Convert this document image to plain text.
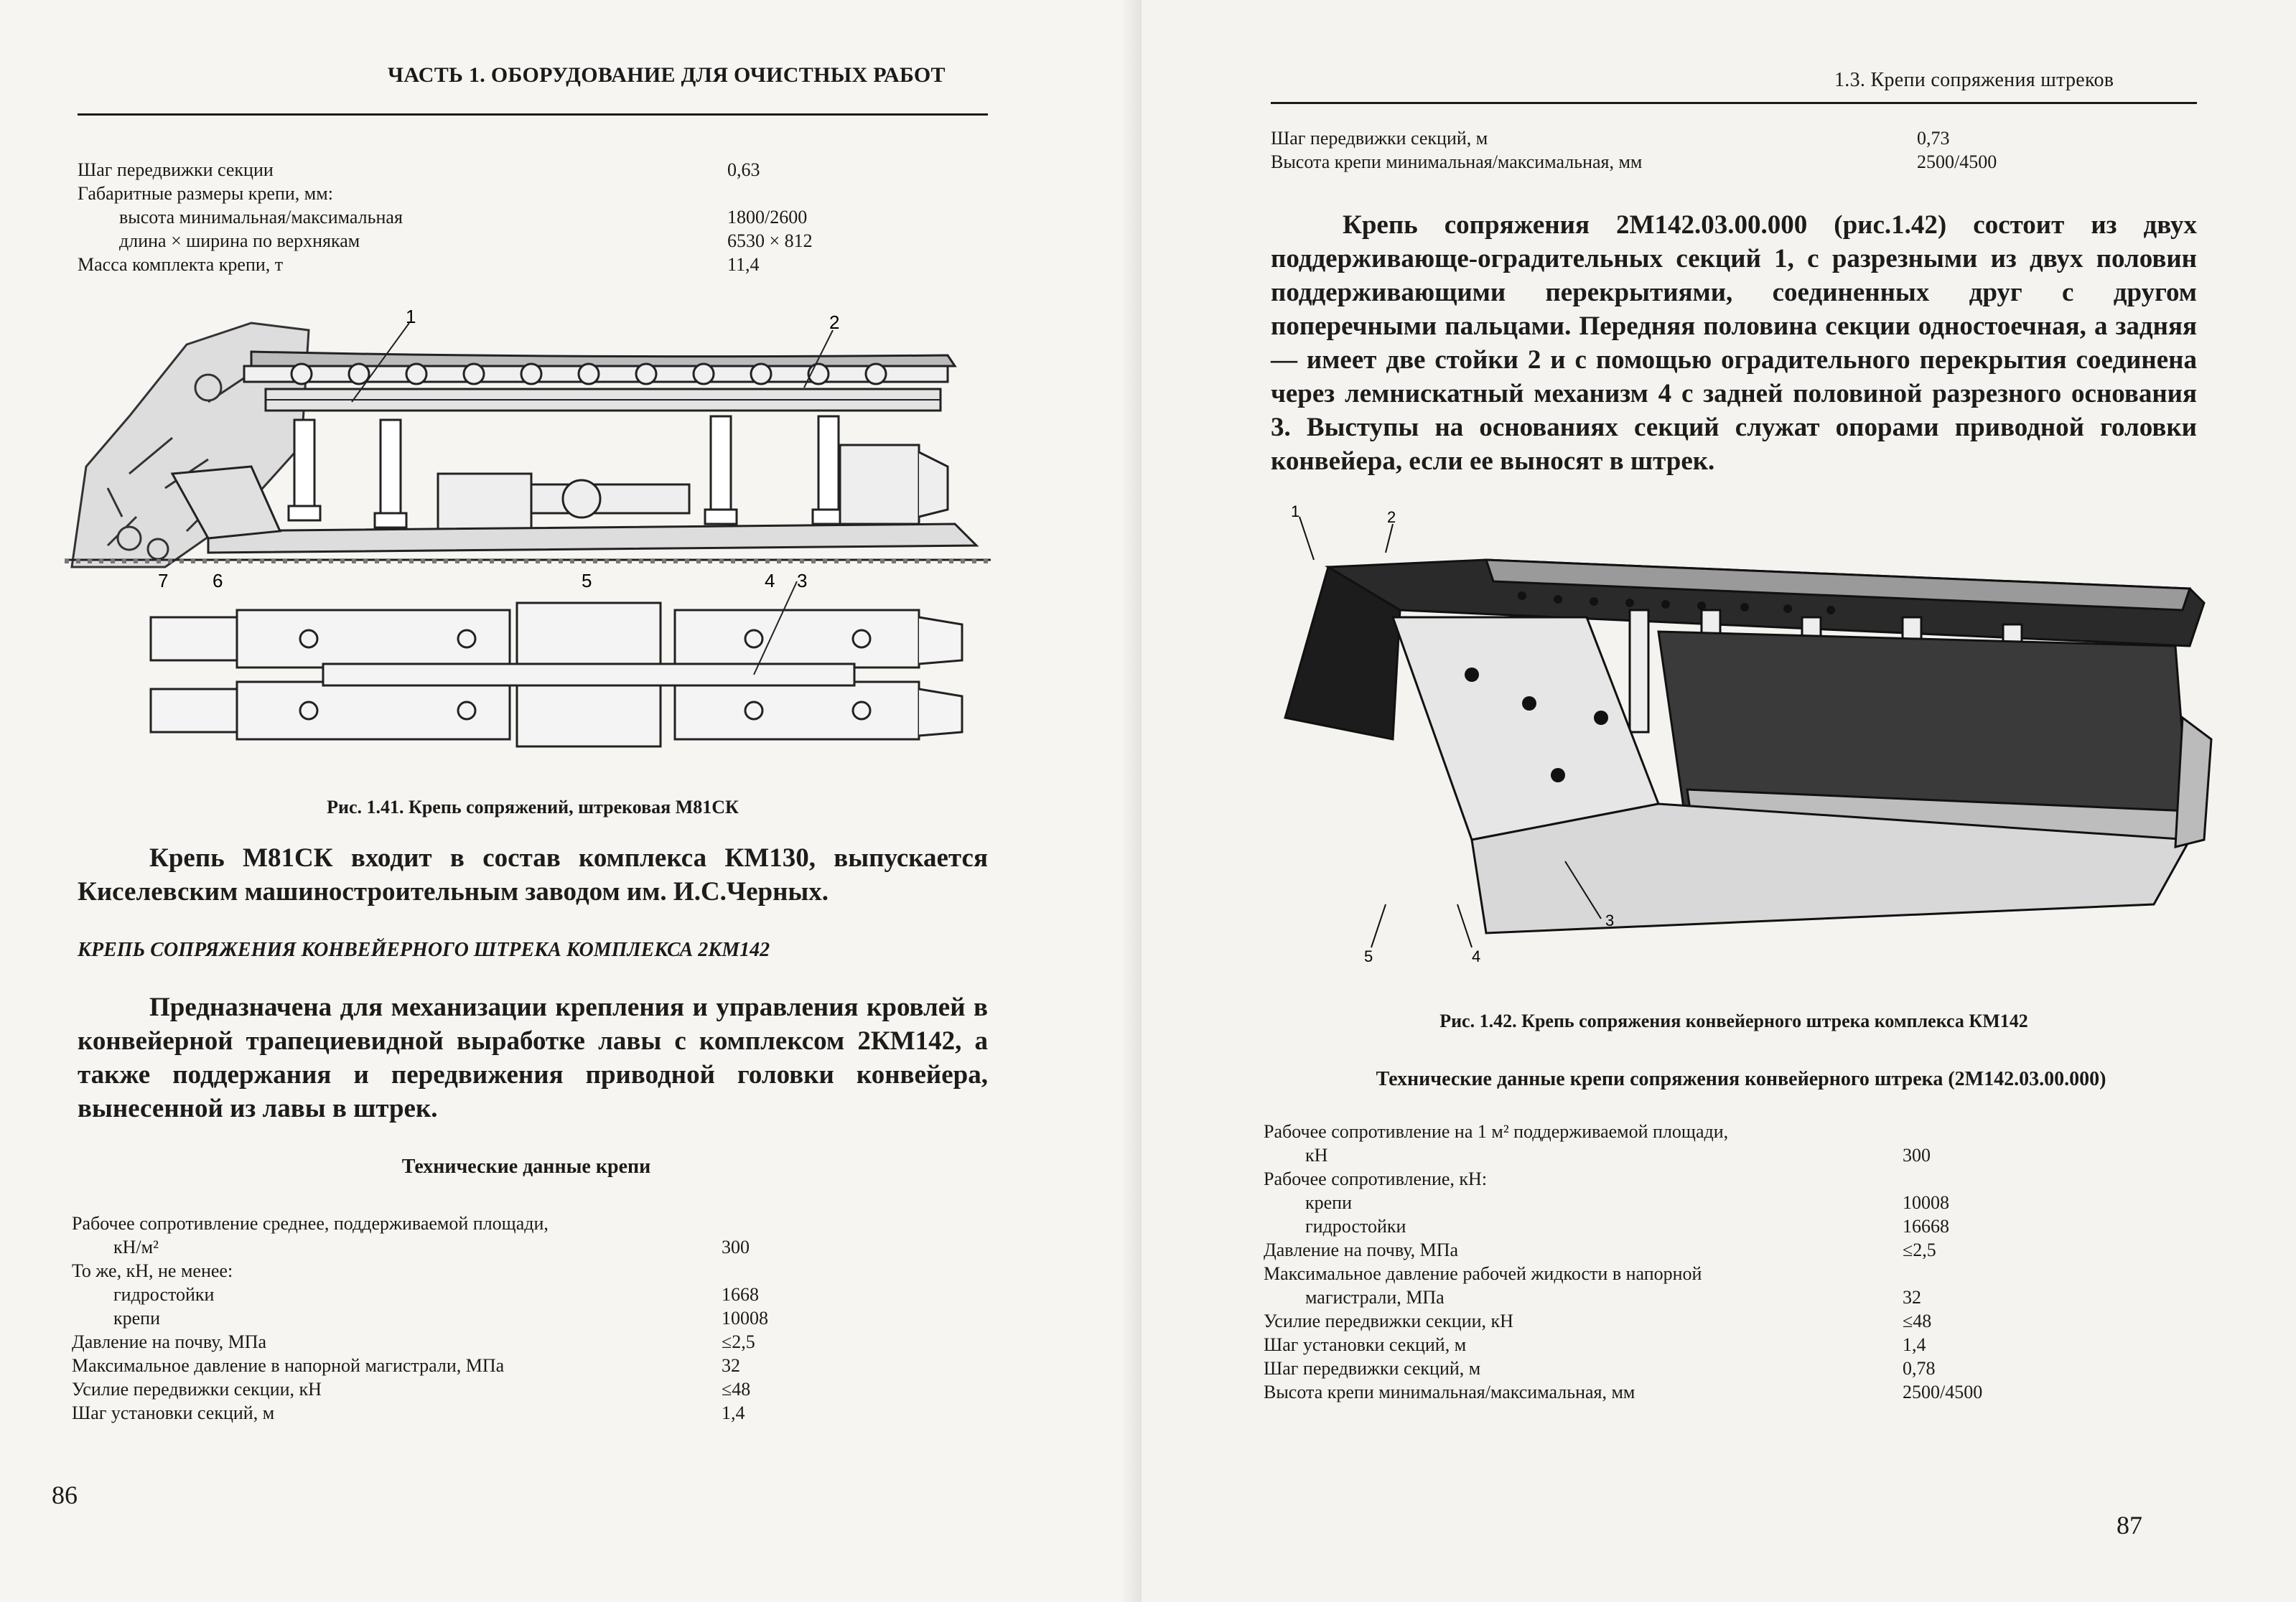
ЧАСТЬ 1. ОБОРУДОВАНИЕ ДЛЯ ОЧИСТНЫХ РАБОТ
Шаг передвижки секции	0,63
Габаритные размеры крепи, мм:
высота минимальная/максимальная	1800/2600
длина × ширина по верхнякам	6530 × 812
Масса комплекта крепи, т	11,4
1	2
7 6	5	4 3
Рис. 1.41. Крепь сопряжений, штрековая М81СК

Крепь М81СК входит в состав комплекса КМ130, выпускается Киселевским машиностроительным заводом им. И.С.Черных.

КРЕПЬ СОПРЯЖЕНИЯ КОНВЕЙЕРНОГО ШТРЕКА КОМПЛЕКСА 2КМ142

Предназначена для механизации крепления и управления кровлей в конвейерной трапециевидной выработке лавы с комплексом 2КМ142, а также поддержания и передвижения приводной головки конвейера, вынесенной из лавы в штрек.

Технические данные крепи
Рабочее сопротивление среднее, поддерживаемой площади,
кН/м²	300
То же, кН, не менее:
гидростойки	1668
крепи	10008
Давление на почву, МПа	≤2,5
Максимальное давление в напорной магистрали, МПа	32
Усилие передвижки секции, кН	≤48
Шаг установки секций, м	1,4
86
1.3. Крепи сопряжения штреков
Шаг передвижки секций, м	0,73
Высота крепи минимальная/максимальная, мм	2500/4500

Крепь сопряжения 2М142.03.00.000 (рис.1.42) состоит из двух поддерживающе-оградительных секций 1, с разрезными из двух половин поддерживающими перекрытиями, соединенных друг с другом поперечными пальцами. Передняя половина секции одностоечная, а задняя — имеет две стойки 2 и с помощью оградительного перекрытия соединена через лемнискатный механизм 4 с задней половиной разрезного основания 3. Выступы на основаниях секций служат опорами приводной головки конвейера, если ее выносят в штрек.

1	2
3
5	4
Рис. 1.42. Крепь сопряжения конвейерного штрека комплекса КМ142
Технические данные крепи сопряжения конвейерного штрека (2М142.03.00.000)
Рабочее сопротивление на 1 м² поддерживаемой площади,
кН	300
Рабочее сопротивление, кН:
крепи	10008
гидростойки	16668
Давление на почву, МПа	≤2,5
Максимальное давление рабочей жидкости в напорной
магистрали, МПа	32
Усилие передвижки секции, кН	≤48
Шаг установки секций, м	1,4
Шаг передвижки секций, м	0,78
Высота крепи минимальная/максимальная, мм	2500/4500
87
